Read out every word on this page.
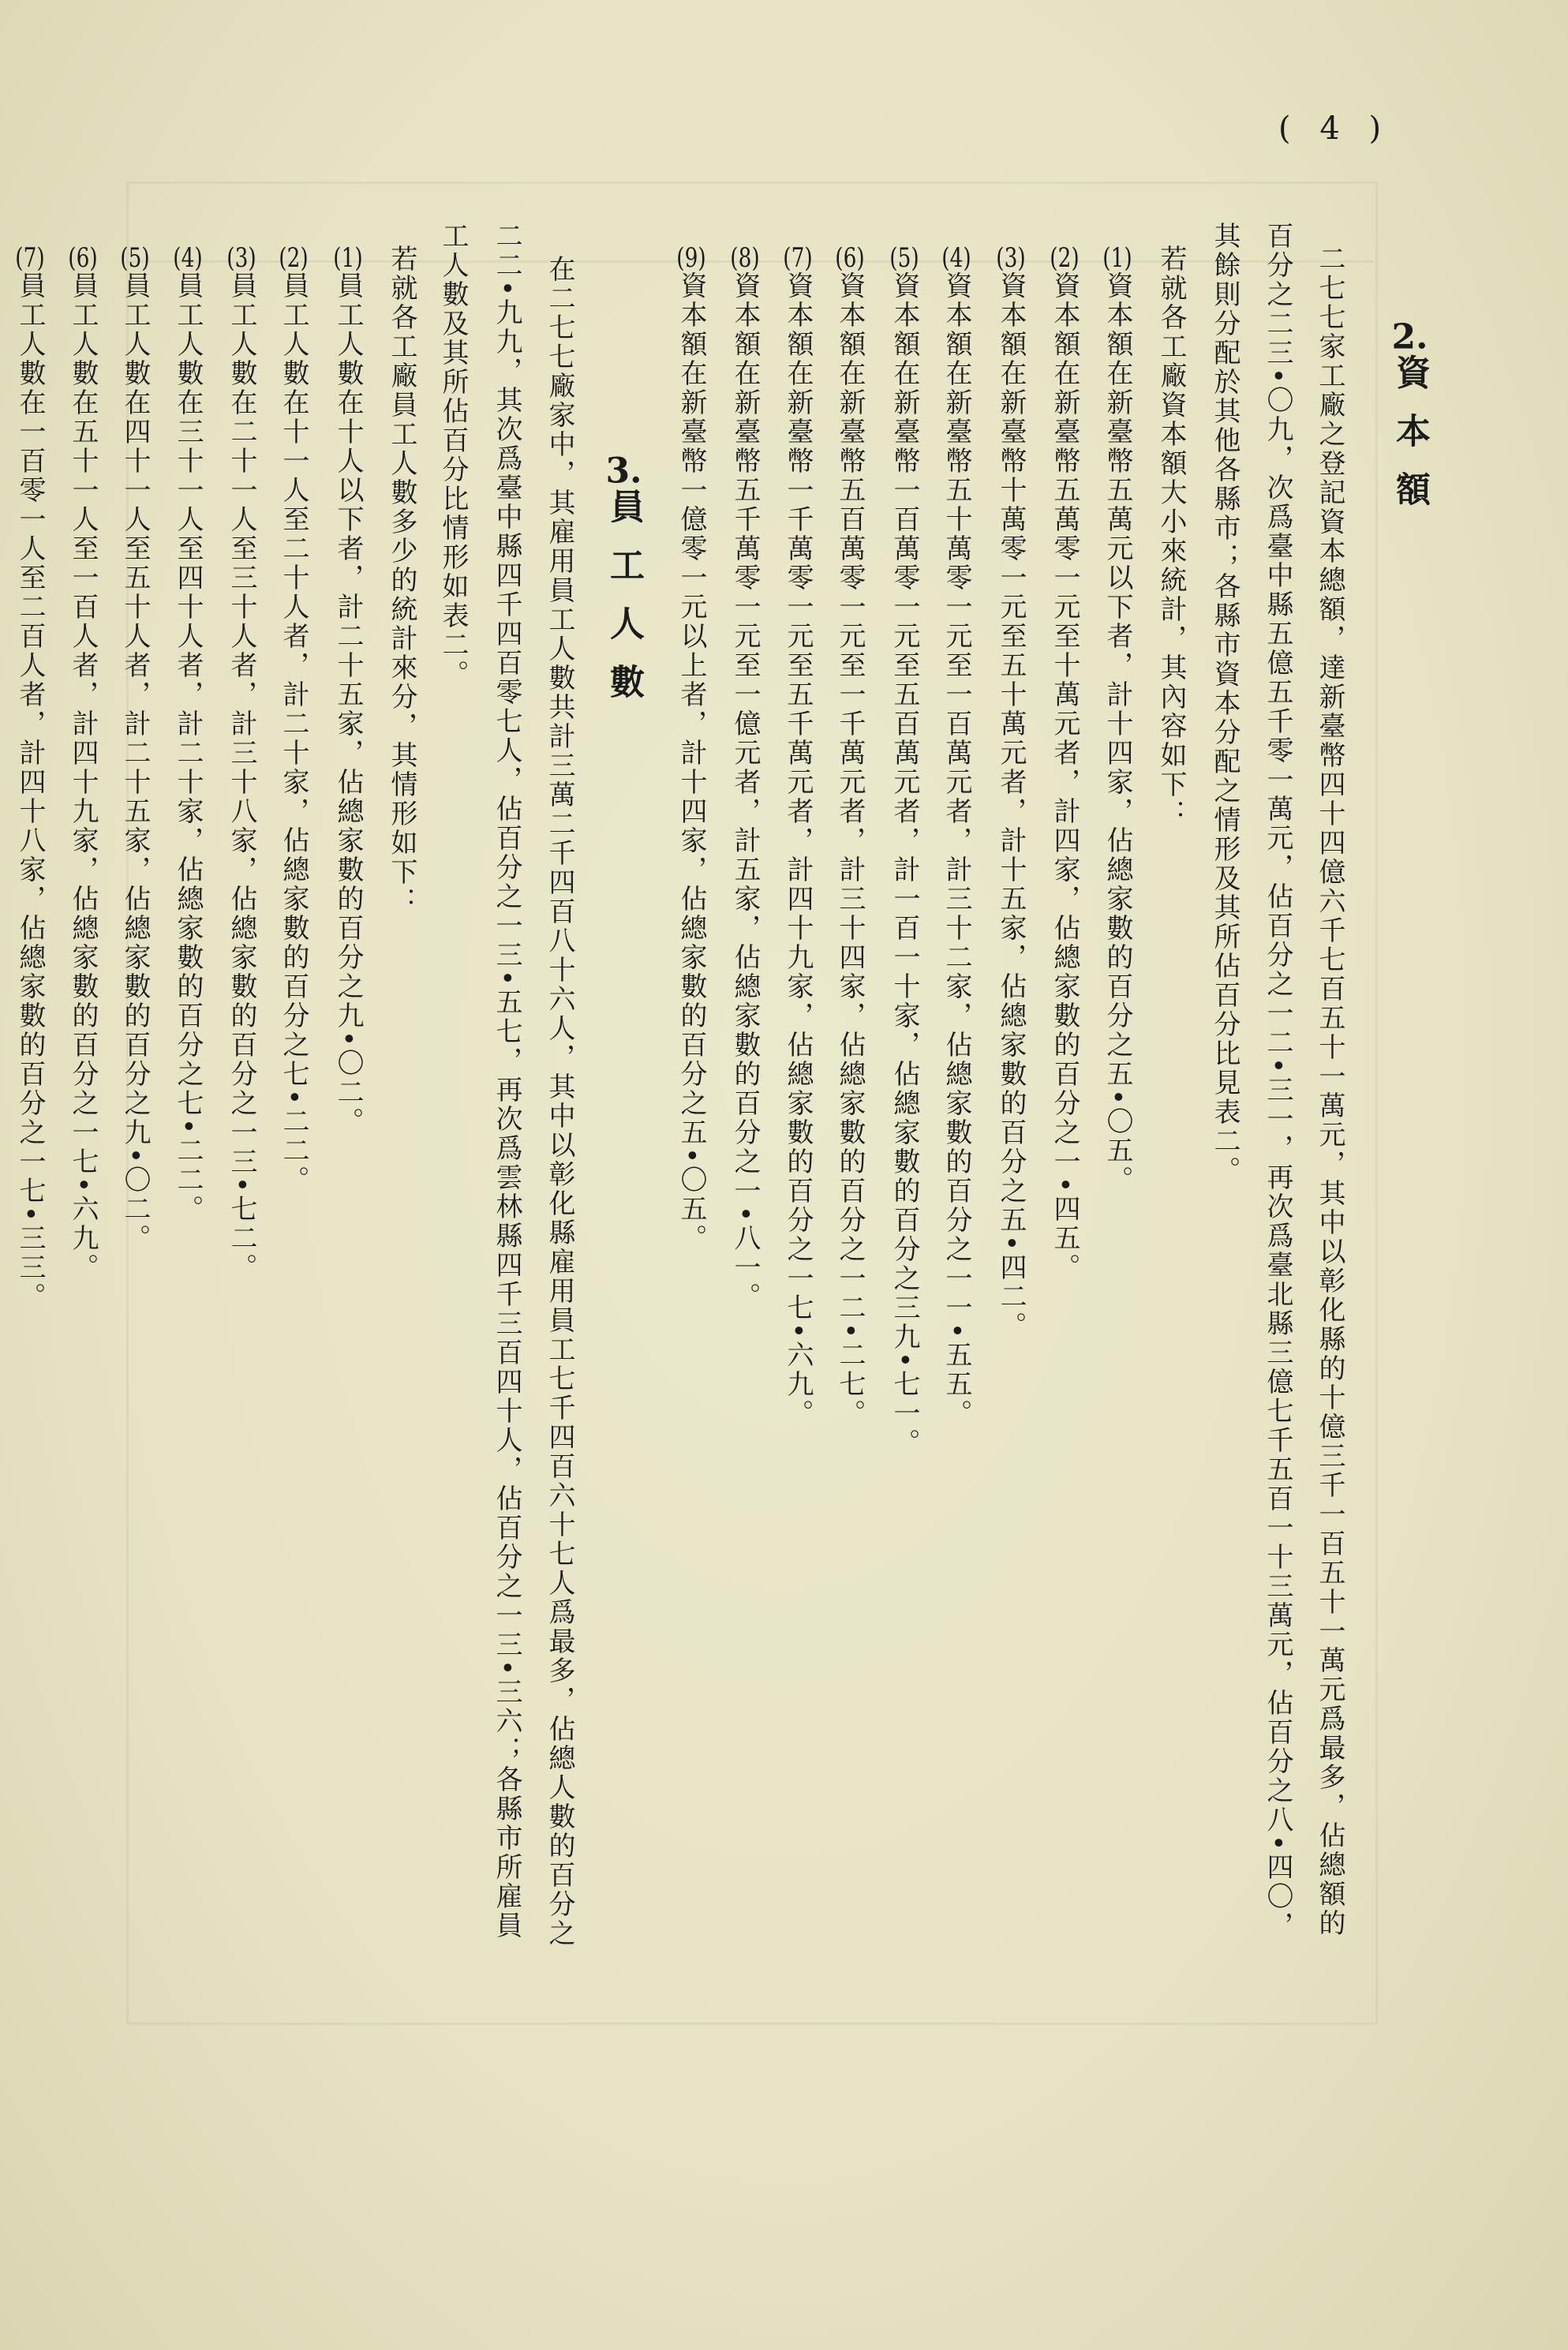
( 4 )
2.資本額
二七七家工廠之登記資本總額，達新臺幣四十四億六千七百五十一萬元，其中以彰化縣的十億三千一百五十一萬元爲最多，佔總額的
百分之二三•〇九，次爲臺中縣五億五千零一萬元，佔百分之一二•三一，再次爲臺北縣三億七千五百一十三萬元，佔百分之八•四〇，
其餘則分配於其他各縣市；各縣市資本分配之情形及其所佔百分比見表二。
若就各工廠資本額大小來統計，其內容如下：
(1)資本額在新臺幣五萬元以下者，計十四家，佔總家數的百分之五•〇五。
(2)資本額在新臺幣五萬零一元至十萬元者，計四家，佔總家數的百分之一•四五。
(3)資本額在新臺幣十萬零一元至五十萬元者，計十五家，佔總家數的百分之五•四二。
(4)資本額在新臺幣五十萬零一元至一百萬元者，計三十二家，佔總家數的百分之一一•五五。
(5)資本額在新臺幣一百萬零一元至五百萬元者，計一百一十家，佔總家數的百分之三九•七一。
(6)資本額在新臺幣五百萬零一元至一千萬元者，計三十四家，佔總家數的百分之一二•二七。
(7)資本額在新臺幣一千萬零一元至五千萬元者，計四十九家，佔總家數的百分之一七•六九。
(8)資本額在新臺幣五千萬零一元至一億元者，計五家，佔總家數的百分之一•八一。
(9)資本額在新臺幣一億零一元以上者，計十四家，佔總家數的百分之五•〇五。
3.員工人數
在二七七廠家中，其雇用員工人數共計三萬二千四百八十六人，其中以彰化縣雇用員工七千四百六十七人爲最多，佔總人數的百分之
二二•九九，其次爲臺中縣四千四百零七人，佔百分之一三•五七，再次爲雲林縣四千三百四十人，佔百分之一三•三六；各縣市所雇員
工人數及其所佔百分比情形如表二。
若就各工廠員工人數多少的統計來分，其情形如下：
(1)員工人數在十人以下者，計二十五家，佔總家數的百分之九•〇二。
(2)員工人數在十一人至二十人者，計二十家，佔總家數的百分之七•二二。
(3)員工人數在二十一人至三十人者，計三十八家，佔總家數的百分之一三•七二。
(4)員工人數在三十一人至四十人者，計二十家，佔總家數的百分之七•二二。
(5)員工人數在四十一人至五十人者，計二十五家，佔總家數的百分之九•〇二。
(6)員工人數在五十一人至一百人者，計四十九家，佔總家數的百分之一七•六九。
(7)員工人數在一百零一人至二百人者，計四十八家，佔總家數的百分之一七•三三。
